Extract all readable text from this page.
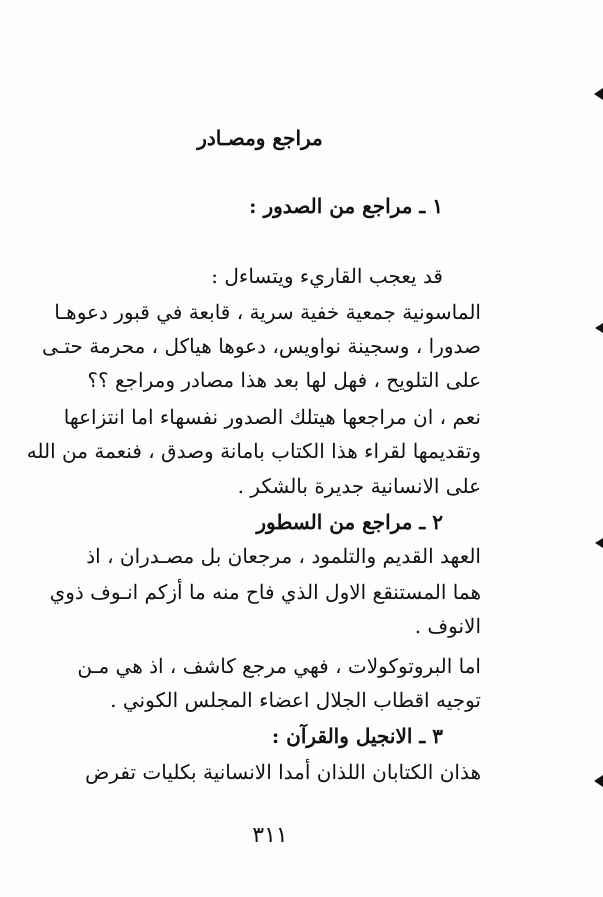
مراجع ومصـادر
١ ـ مراجع من الصدور :
قد يعجب القاريء ويتساءل :
الماسونية جمعية خفية سرية ، قابعة في قبور دعوهـا
صدورا ، وسجينة نواويس، دعوها هياكل ، محرمة حتـى
على التلويح ، فهل لها بعد هذا مصادر ومراجع ؟؟
نعم ، ان مراجعها هيتلك الصدور نفسهاء اما انتزاعها
وتقديمها لقراء هذا الكتاب بامانة وصدق ، فنعمة من الله
على الانسانية جديرة بالشكر .
٢ ـ مراجع من السطور
العهد القديم والتلمود ، مرجعان بل مصـدران ، اذ
هما المستنقع الاول الذي فاح منه ما أزكم انـوف ذوي
الانوف .
اما البروتوكولات ، فهي مرجع كاشف ، اذ هي مـن
توجيه اقطاب الجلال اعضاء المجلس الكوني .
٣ ـ الانجيل والقرآن :
هذان الكتابان اللذان أمدا الانسانية بكليات تفرض
٣١١
